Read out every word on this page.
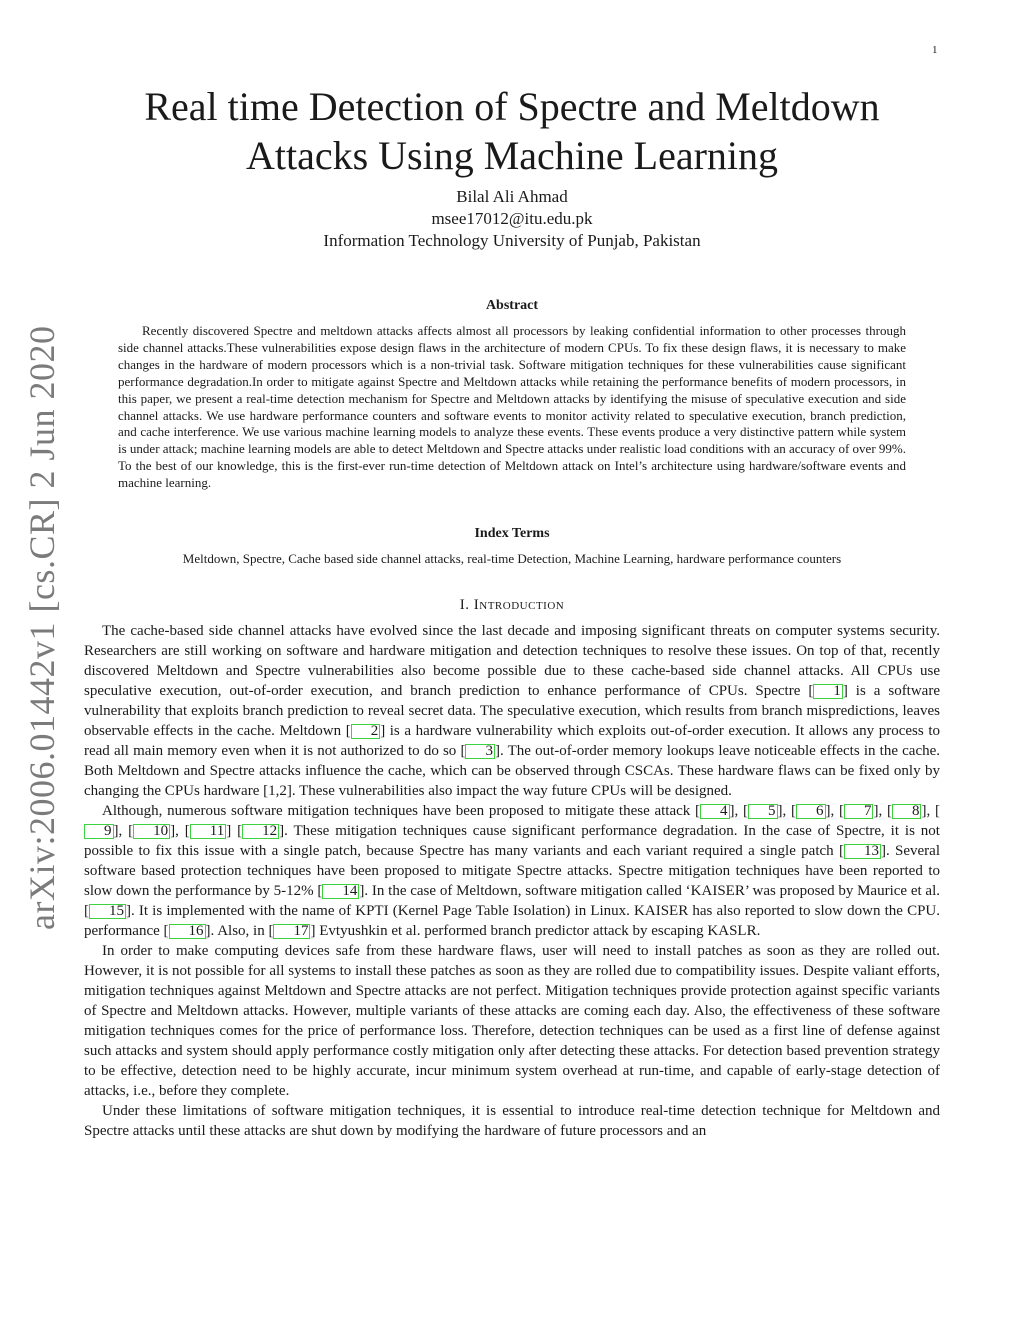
1
arXiv:2006.01442v1 [cs.CR] 2 Jun 2020
Real time Detection of Spectre and Meltdown Attacks Using Machine Learning
Bilal Ali Ahmad
msee17012@itu.edu.pk
Information Technology University of Punjab, Pakistan
Abstract

Recently discovered Spectre and meltdown attacks affects almost all processors by leaking confidential information to other processes through side channel attacks.These vulnerabilities expose design flaws in the architecture of modern CPUs. To fix these design flaws, it is necessary to make changes in the hardware of modern processors which is a non-trivial task. Software mitigation techniques for these vulnerabilities cause significant performance degradation.In order to mitigate against Spectre and Meltdown attacks while retaining the performance benefits of modern processors, in this paper, we present a real-time detection mechanism for Spectre and Meltdown attacks by identifying the misuse of speculative execution and side channel attacks. We use hardware performance counters and software events to monitor activity related to speculative execution, branch prediction, and cache interference. We use various machine learning models to analyze these events. These events produce a very distinctive pattern while system is under attack; machine learning models are able to detect Meltdown and Spectre attacks under realistic load conditions with an accuracy of over 99%. To the best of our knowledge, this is the first-ever run-time detection of Meltdown attack on Intel’s architecture using hardware/software events and machine learning.

Index Terms
Meltdown, Spectre, Cache based side channel attacks, real-time Detection, Machine Learning, hardware performance counters
I. Introduction

The cache-based side channel attacks have evolved since the last decade and imposing significant threats on computer systems security. Researchers are still working on software and hardware mitigation and detection techniques to resolve these issues. On top of that, recently discovered Meltdown and Spectre vulnerabilities also become possible due to these cache-based side channel attacks. All CPUs use speculative execution, out-of-order execution, and branch prediction to enhance performance of CPUs. Spectre [ 1 ] is a software vulnerability that exploits branch prediction to reveal secret data. The speculative execution, which results from branch mispredictions, leaves observable effects in the cache. Meltdown [ 2 ] is a hardware vulnerability which exploits out-of-order execution. It allows any process to read all main memory even when it is not authorized to do so [ 3 ]. The out-of-order memory lookups leave noticeable effects in the cache. Both Meltdown and Spectre attacks influence the cache, which can be observed through CSCAs. These hardware flaws can be fixed only by changing the CPUs hardware [1,2]. These vulnerabilities also impact the way future CPUs will be designed.

Although, numerous software mitigation techniques have been proposed to mitigate these attack [ 4 ], [ 5 ], [ 6 ], [ 7 ], [ 8 ], [9 ], [ 10 ], [ 11 ] [ 12 ]. These mitigation techniques cause significant performance degradation. In the case of Spectre, it is not possible to fix this issue with a single patch, because Spectre has many variants and each variant required a single patch [ 13 ]. Several software based protection techniques have been proposed to mitigate Spectre attacks. Spectre mitigation techniques have been reported to slow down the performance by 5-12% [ 14 ]. In the case of Meltdown, software mitigation called ‘KAISER’ was proposed by Maurice et al. [ 15 ]. It is implemented with the name of KPTI (Kernel Page Table Isolation) in Linux. KAISER has also reported to slow down the CPU. performance [ 16 ]. Also, in [ 17 ] Evtyushkin et al. performed branch predictor attack by escaping KASLR.

In order to make computing devices safe from these hardware flaws, user will need to install patches as soon as they are rolled out. However, it is not possible for all systems to install these patches as soon as they are rolled due to compatibility issues. Despite valiant efforts, mitigation techniques against Meltdown and Spectre attacks are not perfect. Mitigation techniques provide protection against specific variants of Spectre and Meltdown attacks. However, multiple variants of these attacks are coming each day. Also, the effectiveness of these software mitigation techniques comes for the price of performance loss. Therefore, detection techniques can be used as a first line of defense against such attacks and system should apply performance costly mitigation only after detecting these attacks. For detection based prevention strategy to be effective, detection need to be highly accurate, incur minimum system overhead at run-time, and capable of early-stage detection of attacks, i.e., before they complete.

Under these limitations of software mitigation techniques, it is essential to introduce real-time detection technique for Meltdown and Spectre attacks until these attacks are shut down by modifying the hardware of future processors and an
